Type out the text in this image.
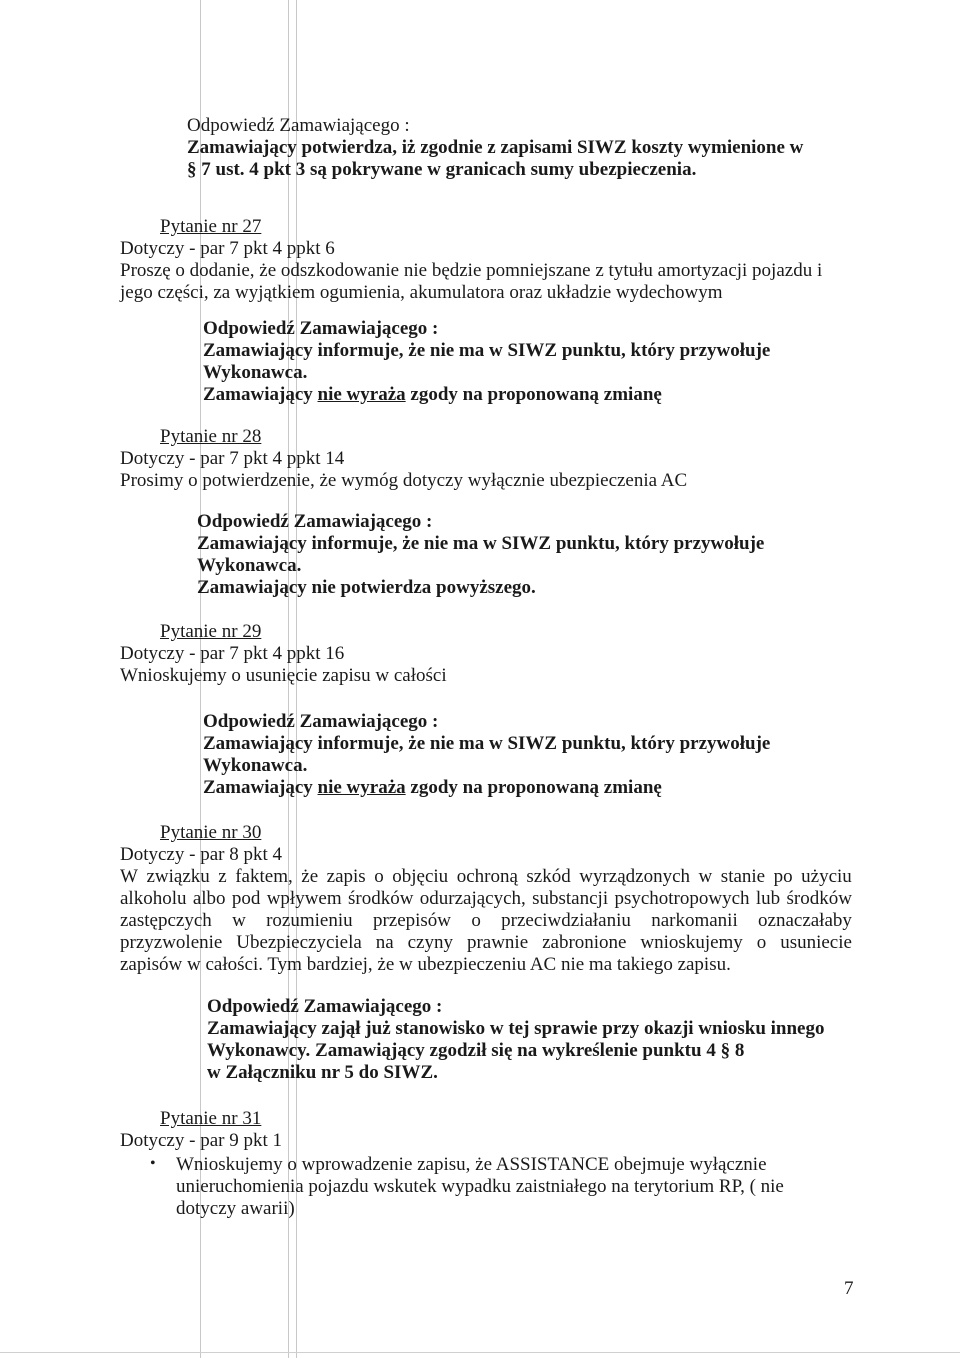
Odpowiedź Zamawiającego :
Zamawiający potwierdza, iż zgodnie z zapisami SIWZ koszty wymienione w
§ 7 ust. 4 pkt 3 są pokrywane w granicach sumy ubezpieczenia.
Pytanie nr 27
Dotyczy - par 7 pkt 4 ppkt 6
Proszę o dodanie, że odszkodowanie nie będzie pomniejszane z tytułu amortyzacji pojazdu i
jego części, za wyjątkiem ogumienia, akumulatora oraz układzie wydechowym
Odpowiedź Zamawiającego :
Zamawiający informuje, że nie ma w SIWZ punktu, który przywołuje
Wykonawca.
Zamawiający nie wyraża zgody na proponowaną zmianę
Pytanie nr 28
Dotyczy - par 7 pkt 4 ppkt 14
Prosimy o potwierdzenie, że wymóg dotyczy wyłącznie ubezpieczenia AC
Odpowiedź Zamawiającego :
Zamawiający informuje, że nie ma w SIWZ punktu, który przywołuje
Wykonawca.
Zamawiający nie potwierdza powyższego.
Pytanie nr 29
Dotyczy - par 7 pkt 4 ppkt 16
Wnioskujemy o usunięcie zapisu w całości
Odpowiedź Zamawiającego :
Zamawiający informuje, że nie ma w SIWZ punktu, który przywołuje
Wykonawca.
Zamawiający nie wyraża zgody na proponowaną zmianę
Pytanie nr 30
Dotyczy - par 8 pkt 4
W związku z faktem, że zapis o objęciu ochroną szkód wyrządzonych w stanie po użyciu
alkoholu albo pod wpływem środków odurzających, substancji psychotropowych lub środków
zastępczych w rozumieniu przepisów o przeciwdziałaniu narkomanii oznaczałaby
przyzwolenie Ubezpieczyciela na czyny prawnie zabronione wnioskujemy o usuniecie
zapisów w całości. Tym bardziej, że w ubezpieczeniu AC nie ma takiego zapisu.
Odpowiedź Zamawiającego :
Zamawiający zajął już stanowisko w tej sprawie przy okazji wniosku innego
Wykonawcy. Zamawiąjący zgodził się na wykreślenie punktu 4 § 8
w Załączniku nr 5 do SIWZ.
Pytanie nr 31
Dotyczy - par 9 pkt 1
• Wnioskujemy o wprowadzenie zapisu, że ASSISTANCE obejmuje wyłącznie
unieruchomienia pojazdu wskutek wypadku zaistniałego na terytorium RP, ( nie
dotyczy awarii)
7
